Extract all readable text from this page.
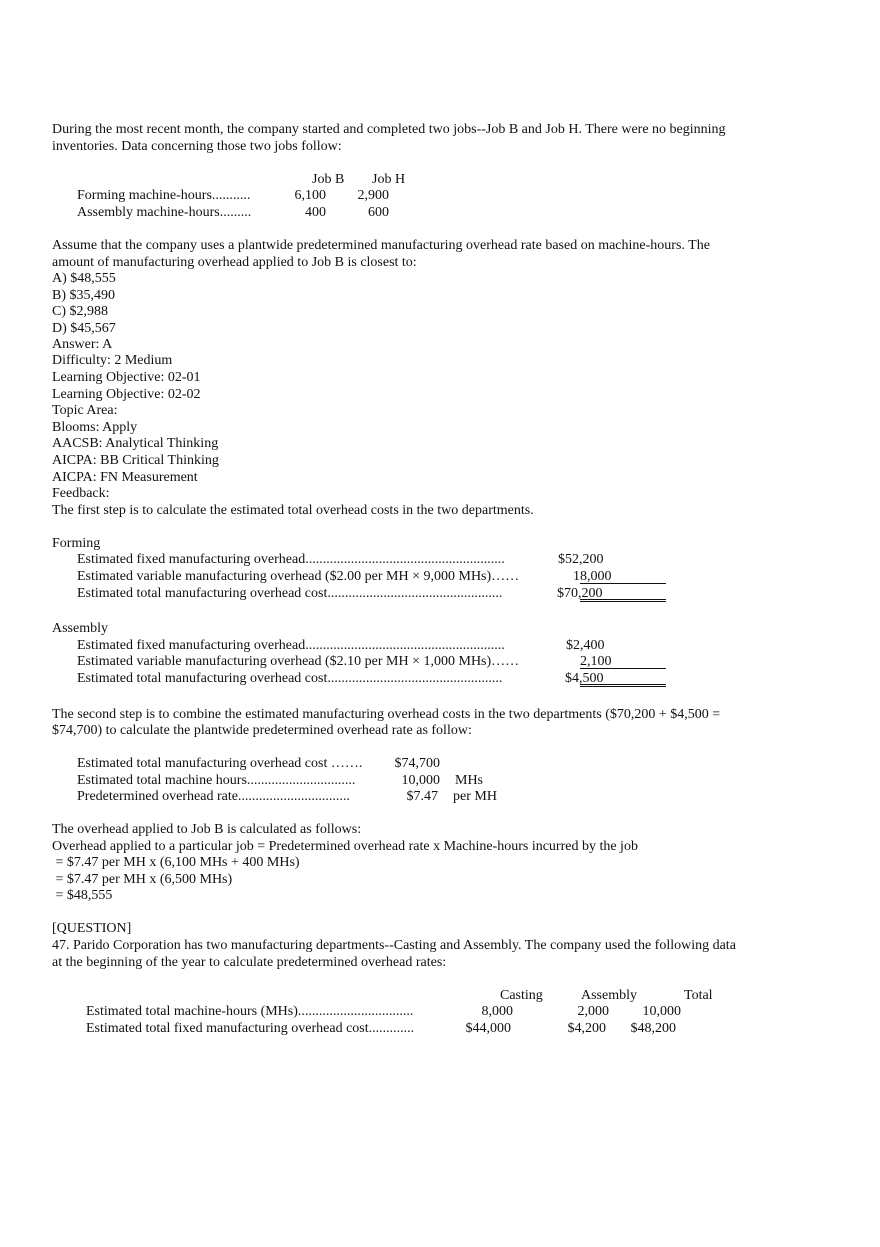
During the most recent month, the company started and completed two jobs--Job B and Job H. There were no beginning
inventories. Data concerning those two jobs follow:
Job B Job H
Forming machine-hours...........	6,100	2,900
Assembly machine-hours.........	400	600
Assume that the company uses a plantwide predetermined manufacturing overhead rate based on machine-hours. The
amount of manufacturing overhead applied to Job B is closest to:
A) $48,555
B) $35,490
C) $2,988
D) $45,567
Answer: A
Difficulty: 2 Medium
Learning Objective: 02-01
Learning Objective: 02-02
Topic Area:
Blooms: Apply
AACSB: Analytical Thinking
AICPA: BB Critical Thinking
AICPA: FN Measurement
Feedback:
The first step is to calculate the estimated total overhead costs in the two departments.
Forming
Estimated fixed manufacturing overhead.........................................................	$52,200
Estimated variable manufacturing overhead ($2.00 per MH × 9,000 MHs)……	18,000
Estimated total manufacturing overhead cost..................................................	$70,200
Assembly
Estimated fixed manufacturing overhead.........................................................	$2,400
Estimated variable manufacturing overhead ($2.10 per MH × 1,000 MHs)……	2,100
Estimated total manufacturing overhead cost..................................................	$4,500
The second step is to combine the estimated manufacturing overhead costs in the two departments ($70,200 + $4,500 =
$74,700) to calculate the plantwide predetermined overhead rate as follow:
Estimated total manufacturing overhead cost …….	$74,700
Estimated total machine hours...............................	10,000 MHs
Predetermined overhead rate................................	$7.47 per MH
The overhead applied to Job B is calculated as follows:
Overhead applied to a particular job = Predetermined overhead rate x Machine-hours incurred by the job
= $7.47 per MH x (6,100 MHs + 400 MHs)
= $7.47 per MH x (6,500 MHs)
= $48,555
[QUESTION]
47. Parido Corporation has two manufacturing departments--Casting and Assembly. The company used the following data
at the beginning of the year to calculate predetermined overhead rates:
Casting	Assembly	Total
Estimated total machine-hours (MHs).................................	8,000	2,000	10,000
Estimated total fixed manufacturing overhead cost.............	$44,000	$4,200	$48,200
